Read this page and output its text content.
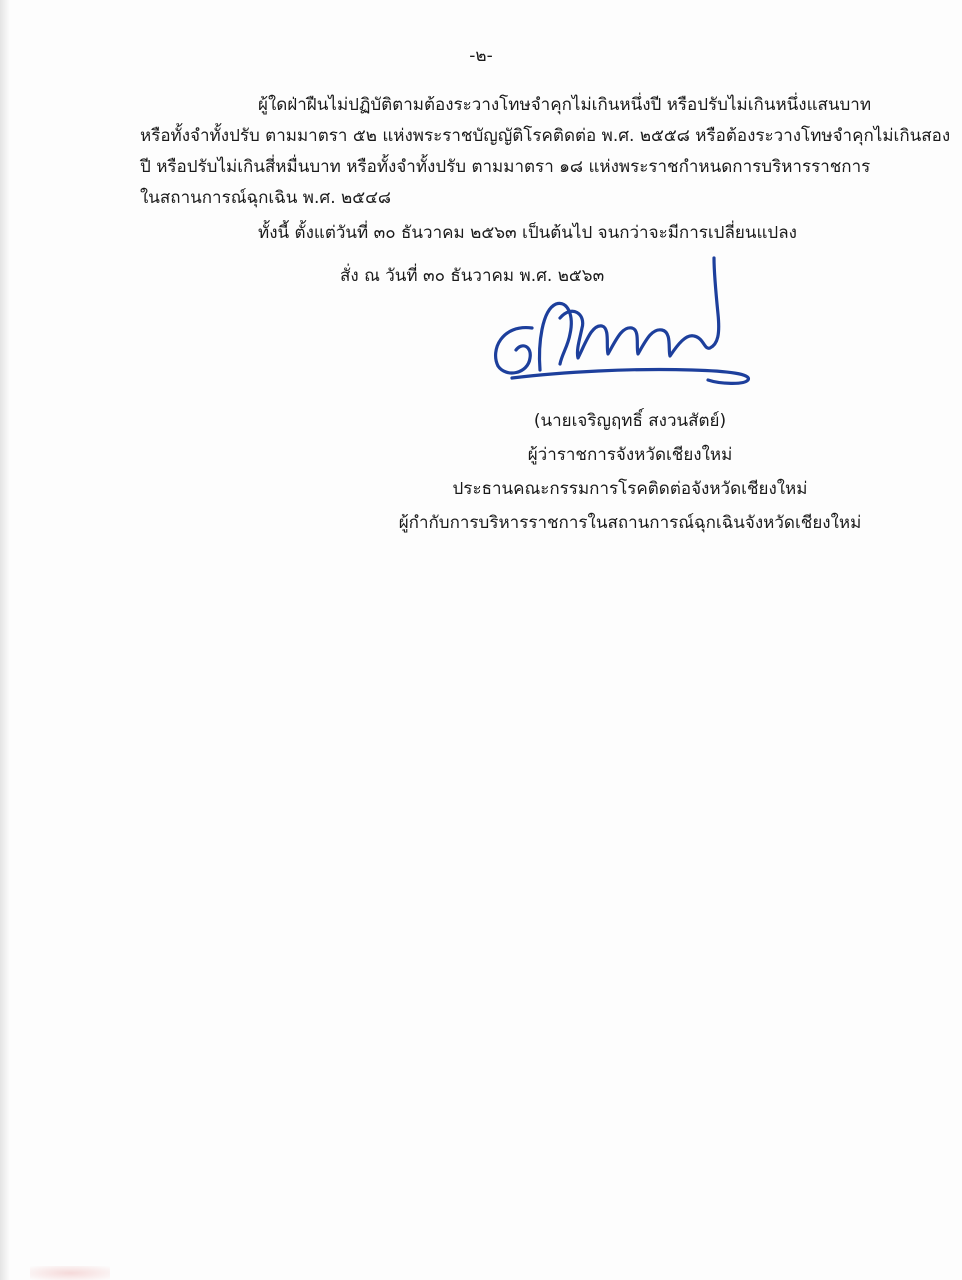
-๒-
ผู้ใดฝ่าฝืนไม่ปฏิบัติตามต้องระวางโทษจำคุกไม่เกินหนึ่งปี หรือปรับไม่เกินหนึ่งแสนบาท
หรือทั้งจำทั้งปรับ ตามมาตรา ๕๒ แห่งพระราชบัญญัติโรคติดต่อ พ.ศ. ๒๕๕๘ หรือต้องระวางโทษจำคุกไม่เกินสอง
ปี หรือปรับไม่เกินสี่หมื่นบาท หรือทั้งจำทั้งปรับ ตามมาตรา ๑๘ แห่งพระราชกำหนดการบริหารราชการ
ในสถานการณ์ฉุกเฉิน พ.ศ. ๒๕๔๘
ทั้งนี้ ตั้งแต่วันที่ ๓๐ ธันวาคม ๒๕๖๓ เป็นต้นไป จนกว่าจะมีการเปลี่ยนแปลง
สั่ง ณ วันที่ ๓๐ ธันวาคม พ.ศ. ๒๕๖๓
(นายเจริญฤทธิ์ สงวนสัตย์)
ผู้ว่าราชการจังหวัดเชียงใหม่
ประธานคณะกรรมการโรคติดต่อจังหวัดเชียงใหม่
ผู้กำกับการบริหารราชการในสถานการณ์ฉุกเฉินจังหวัดเชียงใหม่
